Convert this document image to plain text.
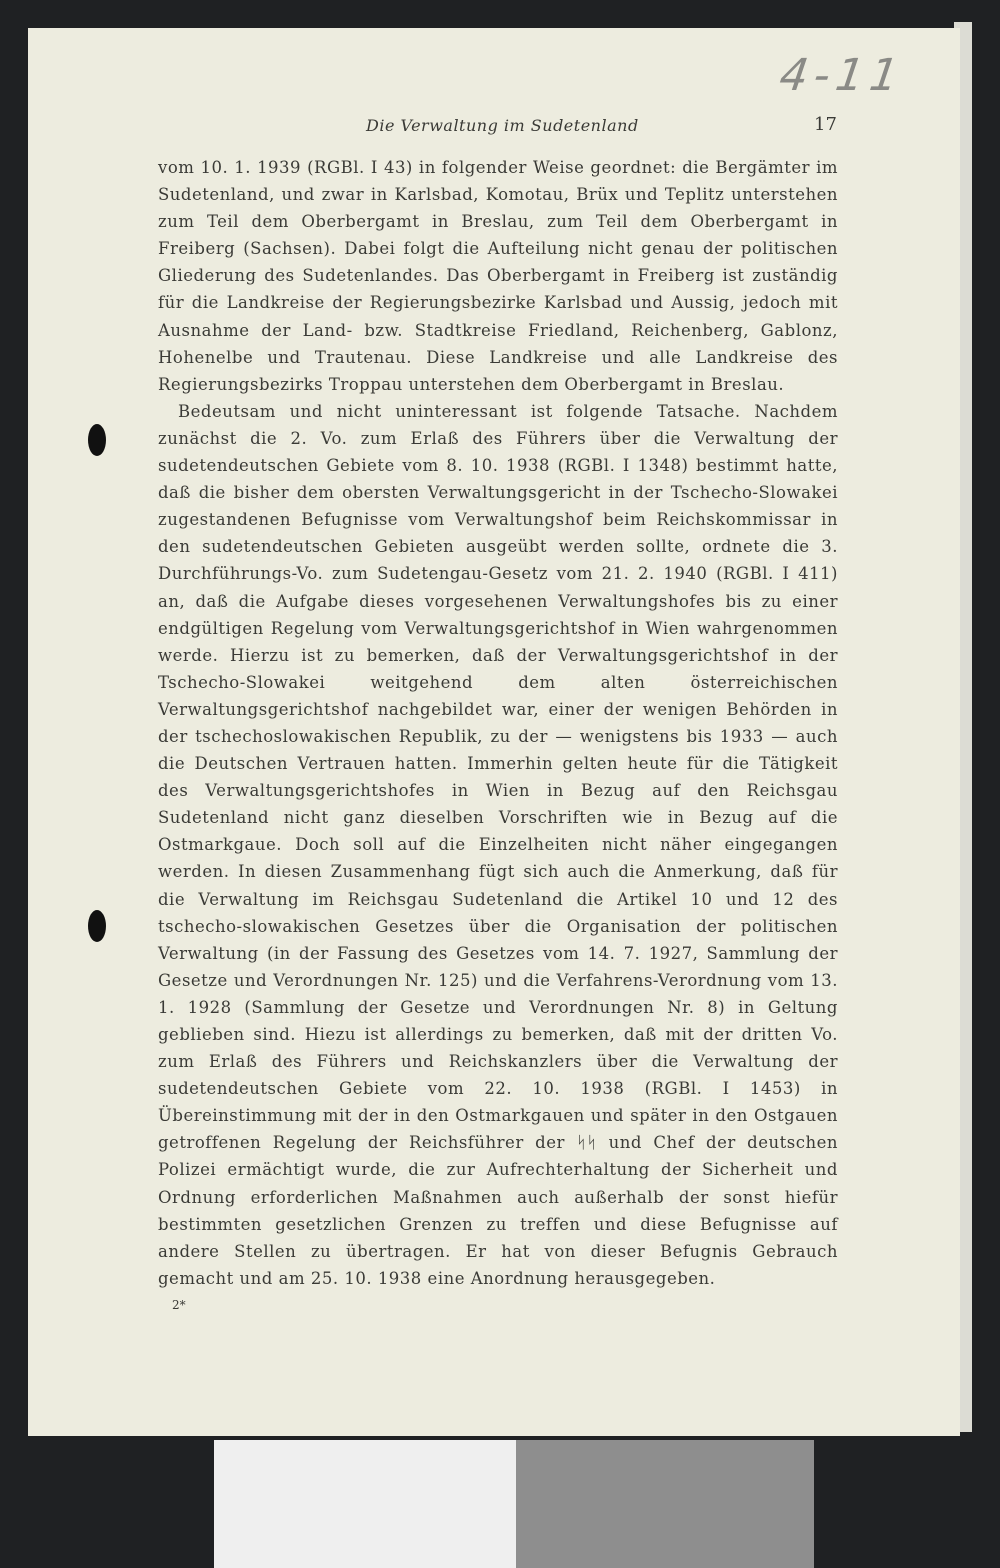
4-11
Die Verwaltung im Sudetenland	17

vom 10. 1. 1939 (RGBl. I 43) in folgender Weise geordnet: die Bergämter im Sudetenland, und zwar in Karlsbad, Komotau, Brüx und Teplitz unterstehen zum Teil dem Oberbergamt in Breslau, zum Teil dem Oberbergamt in Freiberg (Sachsen). Dabei folgt die Aufteilung nicht genau der politischen Gliederung des Sudetenlandes. Das Oberbergamt in Freiberg ist zuständig für die Landkreise der Regierungsbezirke Karlsbad und Aussig, jedoch mit Ausnahme der Land- bzw. Stadtkreise Friedland, Reichenberg, Gablonz, Hohenelbe und Trautenau. Diese Landkreise und alle Landkreise des Regierungsbezirks Troppau unterstehen dem Oberbergamt in Breslau.

Bedeutsam und nicht uninteressant ist folgende Tatsache. Nachdem zunächst die 2. Vo. zum Erlaß des Führers über die Verwaltung der sudetendeutschen Gebiete vom 8. 10. 1938 (RGBl. I 1348) bestimmt hatte, daß die bisher dem obersten Verwaltungsgericht in der Tschecho-Slowakei zugestandenen Befugnisse vom Verwaltungshof beim Reichskommissar in den sudetendeutschen Gebieten ausgeübt werden sollte, ordnete die 3. Durchführungs-Vo. zum Sudetengau-Gesetz vom 21. 2. 1940 (RGBl. I 411) an, daß die Aufgabe dieses vorgesehenen Verwaltungshofes bis zu einer endgültigen Regelung vom Verwaltungsgerichtshof in Wien wahrgenommen werde. Hierzu ist zu bemerken, daß der Verwaltungsgerichtshof in der Tschecho-Slowakei weitgehend dem alten österreichischen Verwaltungsgerichtshof nachgebildet war, einer der wenigen Behörden in der tschechoslowakischen Republik, zu der — wenigstens bis 1933 — auch die Deutschen Vertrauen hatten. Immerhin gelten heute für die Tätigkeit des Verwaltungsgerichtshofes in Wien in Bezug auf den Reichsgau Sudetenland nicht ganz dieselben Vorschriften wie in Bezug auf die Ostmarkgaue. Doch soll auf die Einzelheiten nicht näher eingegangen werden. In diesen Zusammenhang fügt sich auch die Anmerkung, daß für die Verwaltung im Reichsgau Sudetenland die Artikel 10 und 12 des tschecho-slowakischen Gesetzes über die Organisation der politischen Verwaltung (in der Fassung des Gesetzes vom 14. 7. 1927, Sammlung der Gesetze und Verordnungen Nr. 125) und die Verfahrens-Verordnung vom 13. 1. 1928 (Sammlung der Gesetze und Verordnungen Nr. 8) in Geltung geblieben sind. Hiezu ist allerdings zu bemerken, daß mit der dritten Vo. zum Erlaß des Führers und Reichskanzlers über die Verwaltung der sudetendeutschen Gebiete vom 22. 10. 1938 (RGBl. I 1453) in Übereinstimmung mit der in den Ostmarkgauen und später in den Ostgauen getroffenen Regelung der Reichsführer der ᛋᛋ und Chef der deutschen Polizei ermächtigt wurde, die zur Aufrechterhaltung der Sicherheit und Ordnung erforderlichen Maßnahmen auch außerhalb der sonst hiefür bestimmten gesetzlichen Grenzen zu treffen und diese Befugnisse auf andere Stellen zu übertragen. Er hat von dieser Befugnis Gebrauch gemacht und am 25. 10. 1938 eine Anordnung herausgegeben.

2*
